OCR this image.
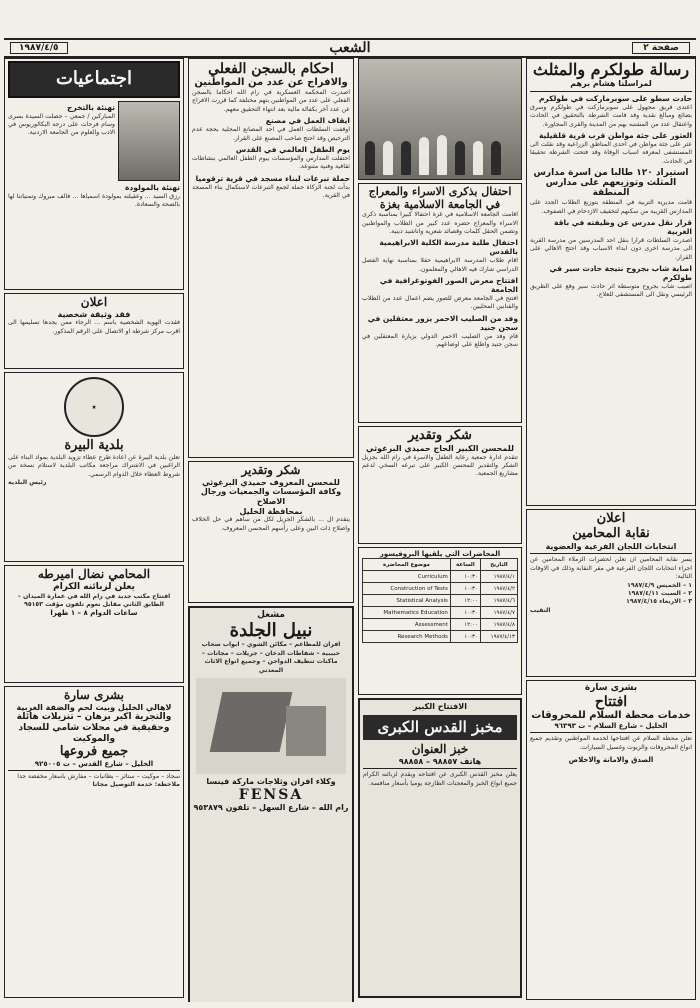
صفحة ٢
الشعب
١٩٨٧/٤/٥
رسالة طولكرم والمثلث
لمراسلنا هشام برهم
حادث سطو على سوبرماركت في طولكرم
اعتدى فريق مجهول على سوبرماركت في طولكرم وسرق بضائع ومبالغ نقدية وقد قامت الشرطة بالتحقيق في الحادث واعتقال عدد من المشتبه بهم من المدينة والقرى المجاورة.
العثور على جثة مواطن قرب قرية قلقيلية
عثر على جثة مواطن في احدى المناطق الزراعية وقد نقلت الى المستشفى لمعرفة اسباب الوفاة وقد فتحت الشرطة تحقيقا في الحادث.
استيراد ١٢٠ طالبا من اسرة مدارس المثلث وتوزيعهم على مدارس المنطقة
قامت مديرية التربية في المنطقة بتوزيع الطلاب الجدد على المدارس القريبة من سكنهم لتخفيف الازدحام في الصفوف.
قرار نقل مدرس عن وظيفته في باقة الغربية
اصدرت السلطات قرارا بنقل احد المدرسين من مدرسة القرية الى مدرسة اخرى دون ابداء الاسباب وقد احتج الاهالي على القرار.
اصابة شاب بجروح نتيجة حادث سير في طولكرم
اصيب شاب بجروح متوسطة اثر حادث سير وقع على الطريق الرئيسي ونقل الى المستشفى للعلاج.
اعلان
نقابة المحامين
انتخابات اللجان الفرعية والعضوية
يسر نقابة المحامين ان تعلن لحضرات الزملاء المحامين عن اجراء انتخابات اللجان الفرعية في مقر النقابة وذلك في الاوقات التالية:
١ – الخميس ١٩٨٧/٤/٩
٢ – السبت ١٩٨٧/٤/١١
٣ – الاربعاء ١٩٨٧/٤/١٥
النقيب
بشرى سارة
افتتاح
خدمات محطة السلام للمحروقات
الخليل – شارع السلام – ت ٩٦٣٩٣
تعلن محطة السلام عن افتتاحها لخدمة المواطنين وتقديم جميع انواع المحروقات والزيوت وغسيل السيارات.
الصدق والامانة والاخلاص
احتفال بذكرى الاسراء والمعراج في الجامعة الاسلامية بغزة
اقامت الجامعة الاسلامية في غزة احتفالا كبيرا بمناسبة ذكرى الاسراء والمعراج حضره عدد كبير من الطلاب والمواطنين وتضمن الحفل كلمات وقصائد شعرية واناشيد دينية.
احتفال طلبة مدرسة الكلية الابراهيمية بالقدس
اقام طلاب المدرسة الابراهيمية حفلا بمناسبة نهاية الفصل الدراسي شارك فيه الاهالي والمعلمون.
افتتاح معرض الصور الفوتوغرافية في الجامعة
افتتح في الجامعة معرض للصور يضم اعمال عدد من الطلاب والفنانين المحليين.
وفد من الصليب الاحمر يزور معتقلين في سجن جنيد
قام وفد من الصليب الاحمر الدولي بزيارة المعتقلين في سجن جنيد واطلع على اوضاعهم.
شكر وتقدير
للمحسن الكبير الحاج حميدي البرغوثي
تتقدم ادارة جمعية رعاية الطفل والاسرة في رام الله بجزيل الشكر والتقدير للمحسن الكبير على تبرعه السخي لدعم مشاريع الجمعية.
المحاضرات التي يلقيها البروفيسور
التاريخ	الساعة	موضوع المحاضرة
١٩٨٧/٤/١	١٠:٣٠	Curriculum
١٩٨٧/٤/٢	١٠:٣٠	Construction of Tests
١٩٨٧/٤/٦	١٢:٠٠	Statistical Analysis
١٩٨٧/٤/٧	١٠:٣٠	Mathematics Education
١٩٨٧/٤/٨	١٢:٠٠	Assessment
١٩٨٧/٤/١٣	١٠:٣٠	Research Methods
الافتتاح الكبير
مخبز القدس الكبرى
خبز العنوان
هاتف ٩٨٨٥٧ – ٩٨٨٥٨
يعلن مخبز القدس الكبرى عن افتتاحه ويقدم لزبائنه الكرام جميع انواع الخبز والمعجنات الطازجة يوميا بأسعار منافسة.
احكام بالسجن الفعلي
والافراج عن عدد من المواطنين
اصدرت المحكمة العسكرية في رام الله احكاما بالسجن الفعلي على عدد من المواطنين بتهم مختلفة كما قررت الافراج عن عدد آخر بكفالة مالية بعد انتهاء التحقيق معهم.
ايقاف العمل في مصنع
اوقفت السلطات العمل في احد المصانع المحلية بحجة عدم الترخيص وقد احتج صاحب المصنع على القرار.
يوم الطفل العالمي في القدس
احتفلت المدارس والمؤسسات بيوم الطفل العالمي بنشاطات ثقافية وفنية متنوعة.
حملة تبرعات لبناء مسجد في قرية ترقوميا
بدأت لجنة الزكاة حملة لجمع التبرعات لاستكمال بناء المسجد في القرية.
شكر وتقدير
للمحسن المعروف حميدي البرغوثي وكافة المؤسسات والجمعيات ورجال الاصلاح
بمحافظة الخليل
يتقدم ال ... بالشكر الجزيل لكل من ساهم في حل الخلاف واصلاح ذات البين وعلى رأسهم المحسن المعروف.
مشغل
نبيل الجلدة
افران للمطاعم – مكائن الشوي – ابواب سحاب حبيبية – شفاطات الدخان – جريلات – مجانات – ماكنات تنظيف الدواجن – وجميع انواع الاثاث المعدني
وكلاء افران وثلاجات ماركة فينسا
FENSA
رام الله – شارع السهل – تلفون ٩٥٣٨٧٩
اجتماعيات
تهنئة بالتخرج
المباركين / جمعي – حصلت السيدة بسرى وسام فرحات على درجة البكالوريوس في الادب والعلوم من الجامعة الاردنية.
تهنئة بالمولودة
رزق السيد ... وعقيلته بمولودة اسمياها ... فالف مبروك وتمنياتنا لها بالصحة والسعادة.
اعلان
فقد وثيقة شخصية
فقدت الهوية الشخصية باسم ... الرجاء ممن يجدها تسليمها الى اقرب مركز شرطة او الاتصال على الرقم المذكور.
★
بلدية البيرة
تعلن بلدية البيرة عن اعادة طرح عطاء تزويد البلدية بمواد البناء على الراغبين في الاشتراك مراجعة مكاتب البلدية لاستلام نسخة من شروط العطاء خلال الدوام الرسمي.
رئيس البلدية
المحامي نضال اميرطه
يعلن لزبائنه الكرام
افتتاح مكتب جديد في رام الله في عمارة الميدان – الطابق الثاني مقابل نعوم تلفون مؤقت ٩٥١٥٣
ساعات الدوام ٨ – ١ ظهرا
بشرى سارة
لاهالي الخليل وبيت لحم والضفة الغربية
والتجرية اكبر برهان – تنزيلات هائلة وحقيقية في محلات شامي للسجاد والموكيت
جميع فروعها
الخليل – شارع القدس – ت ٩٢٥٠٠٥
سجاد – موكيت – ستائر – بطانيات – مفارش باسعار مخفضة جدا
ملاحظة: خدمة التوصيل مجانا
